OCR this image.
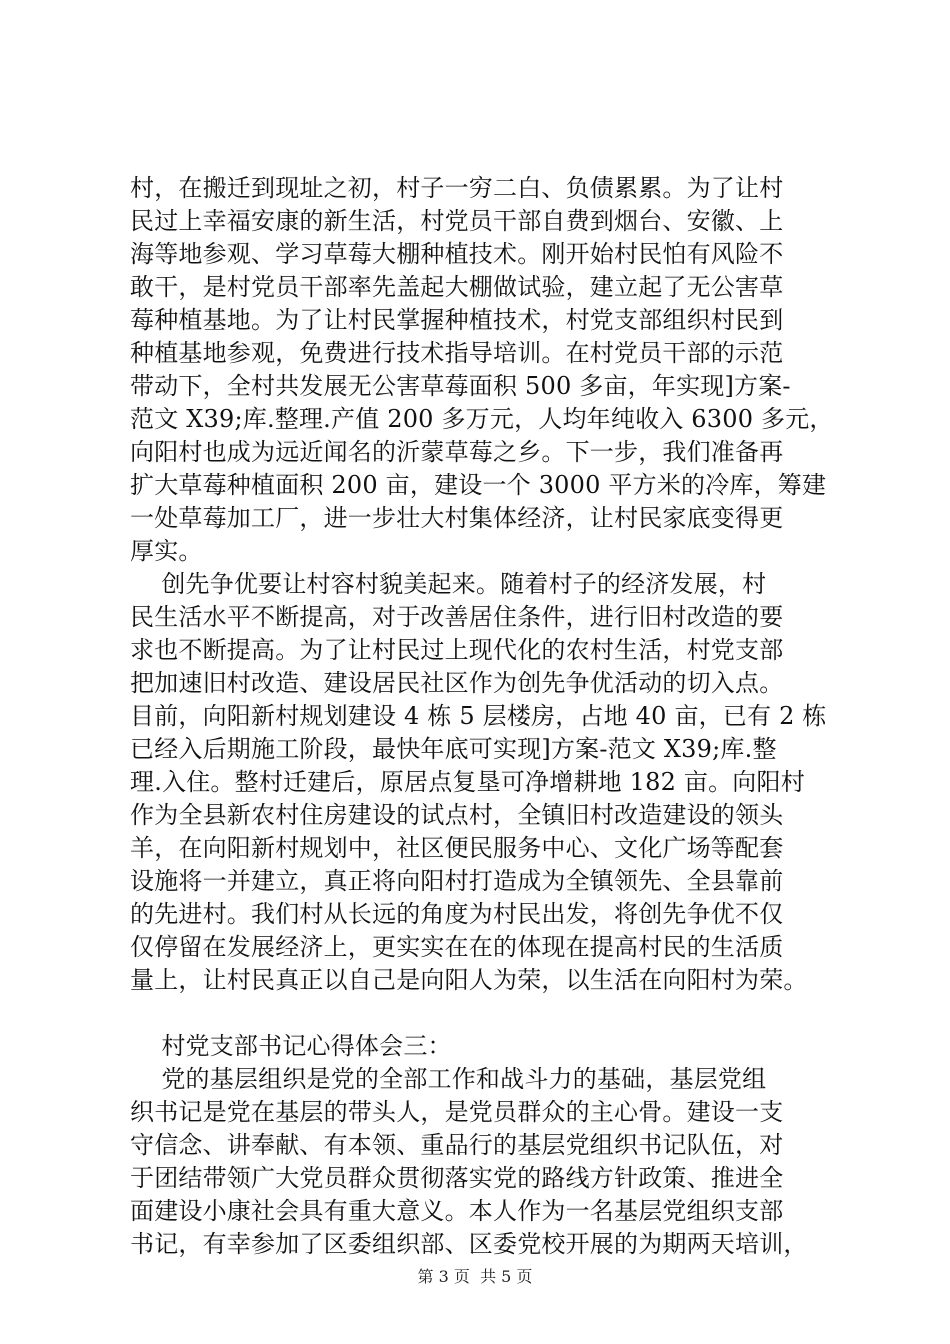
村，在搬迁到现址之初，村子一穷二白、负债累累。为了让村
民过上幸福安康的新生活，村党员干部自费到烟台、安徽、上
海等地参观、学习草莓大棚种植技术。刚开始村民怕有风险不
敢干，是村党员干部率先盖起大棚做试验，建立起了无公害草
莓种植基地。为了让村民掌握种植技术，村党支部组织村民到
种植基地参观，免费进行技术指导培训。在村党员干部的示范
带动下，全村共发展无公害草莓面积 500 多亩，年实现]方案-
范文 X39;库.整理.产值 200 多万元，人均年纯收入 6300 多元，
向阳村也成为远近闻名的沂蒙草莓之乡。下一步，我们准备再
扩大草莓种植面积 200 亩，建设一个 3000 平方米的冷库，筹建
一处草莓加工厂，进一步壮大村集体经济，让村民家底变得更
厚实。
创先争优要让村容村貌美起来。随着村子的经济发展，村
民生活水平不断提高，对于改善居住条件，进行旧村改造的要
求也不断提高。为了让村民过上现代化的农村生活，村党支部
把加速旧村改造、建设居民社区作为创先争优活动的切入点。
目前，向阳新村规划建设 4 栋 5 层楼房，占地 40 亩，已有 2 栋
已经入后期施工阶段，最快年底可实现]方案-范文 X39;库.整
理.入住。整村迁建后，原居点复垦可净增耕地 182 亩。向阳村
作为全县新农村住房建设的试点村，全镇旧村改造建设的领头
羊，在向阳新村规划中，社区便民服务中心、文化广场等配套
设施将一并建立，真正将向阳村打造成为全镇领先、全县靠前
的先进村。我们村从长远的角度为村民出发，将创先争优不仅
仅停留在发展经济上，更实实在在的体现在提高村民的生活质
量上，让村民真正以自己是向阳人为荣，以生活在向阳村为荣。
村党支部书记心得体会三：
党的基层组织是党的全部工作和战斗力的基础，基层党组
织书记是党在基层的带头人，是党员群众的主心骨。建设一支
守信念、讲奉献、有本领、重品行的基层党组织书记队伍，对
于团结带领广大党员群众贯彻落实党的路线方针政策、推进全
面建设小康社会具有重大意义。本人作为一名基层党组织支部
书记，有幸参加了区委组织部、区委党校开展的为期两天培训，
第 3 页  共 5 页
